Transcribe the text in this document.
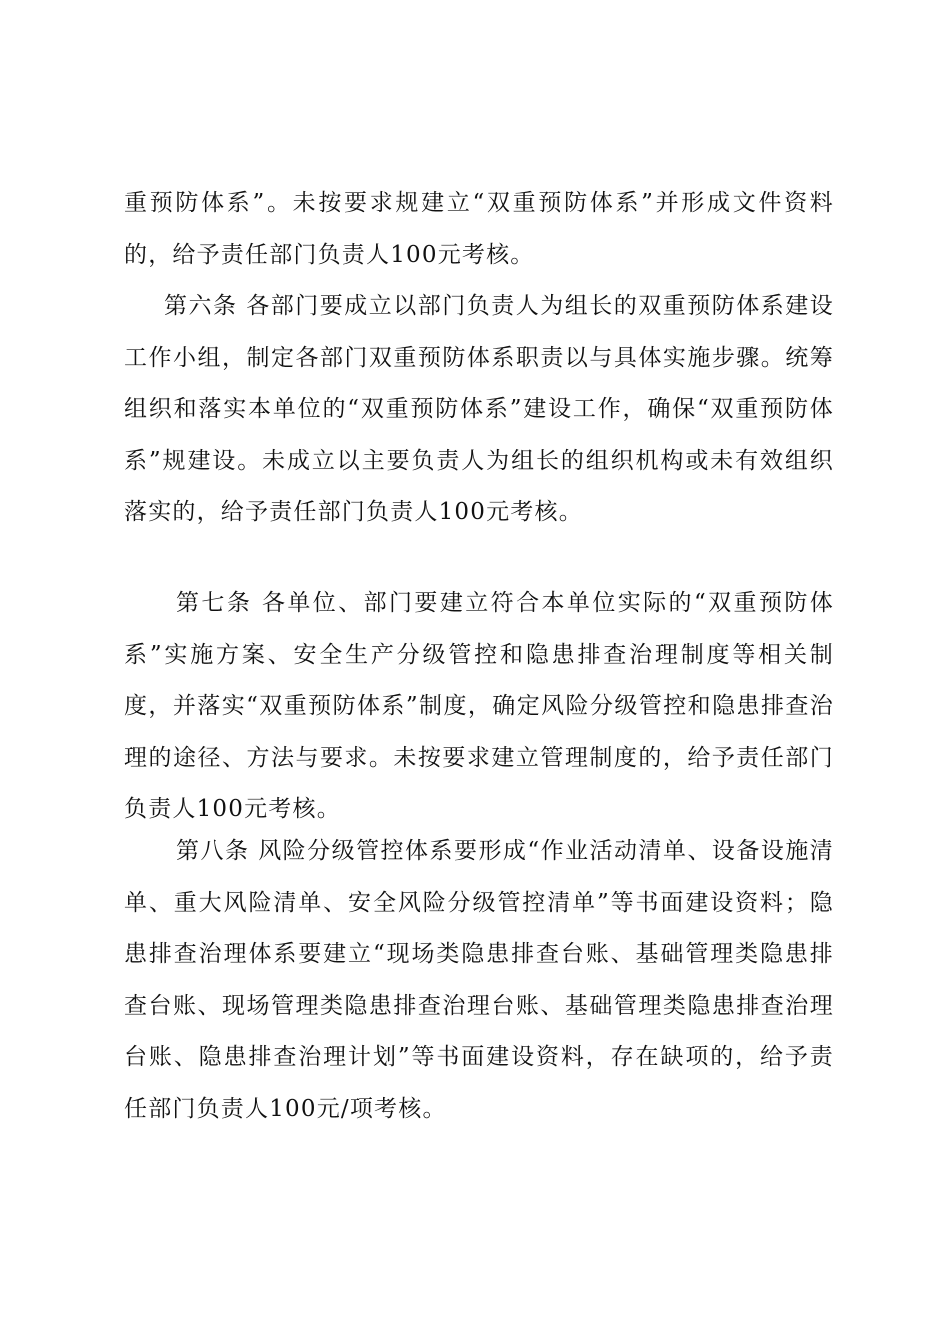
重预防体系”。未按要求规建立“双重预防体系”并形成文件资料的，给予责任部门负责人100元考核。

第六条 各部门要成立以部门负责人为组长的双重预防体系建设工作小组，制定各部门双重预防体系职责以与具体实施步骤。统筹组织和落实本单位的“双重预防体系”建设工作，确保“双重预防体系”规建设。未成立以主要负责人为组长的组织机构或未有效组织落实的，给予责任部门负责人100元考核。

第七条 各单位、部门要建立符合本单位实际的“双重预防体系”实施方案、安全生产分级管控和隐患排查治理制度等相关制度，并落实“双重预防体系”制度，确定风险分级管控和隐患排查治理的途径、方法与要求。未按要求建立管理制度的，给予责任部门负责人100元考核。

第八条 风险分级管控体系要形成“作业活动清单、设备设施清单、重大风险清单、安全风险分级管控清单”等书面建设资料；隐患排查治理体系要建立“现场类隐患排查台账、基础管理类隐患排查台账、现场管理类隐患排查治理台账、基础管理类隐患排查治理台账、隐患排查治理计划”等书面建设资料，存在缺项的，给予责任部门负责人100元/项考核。
